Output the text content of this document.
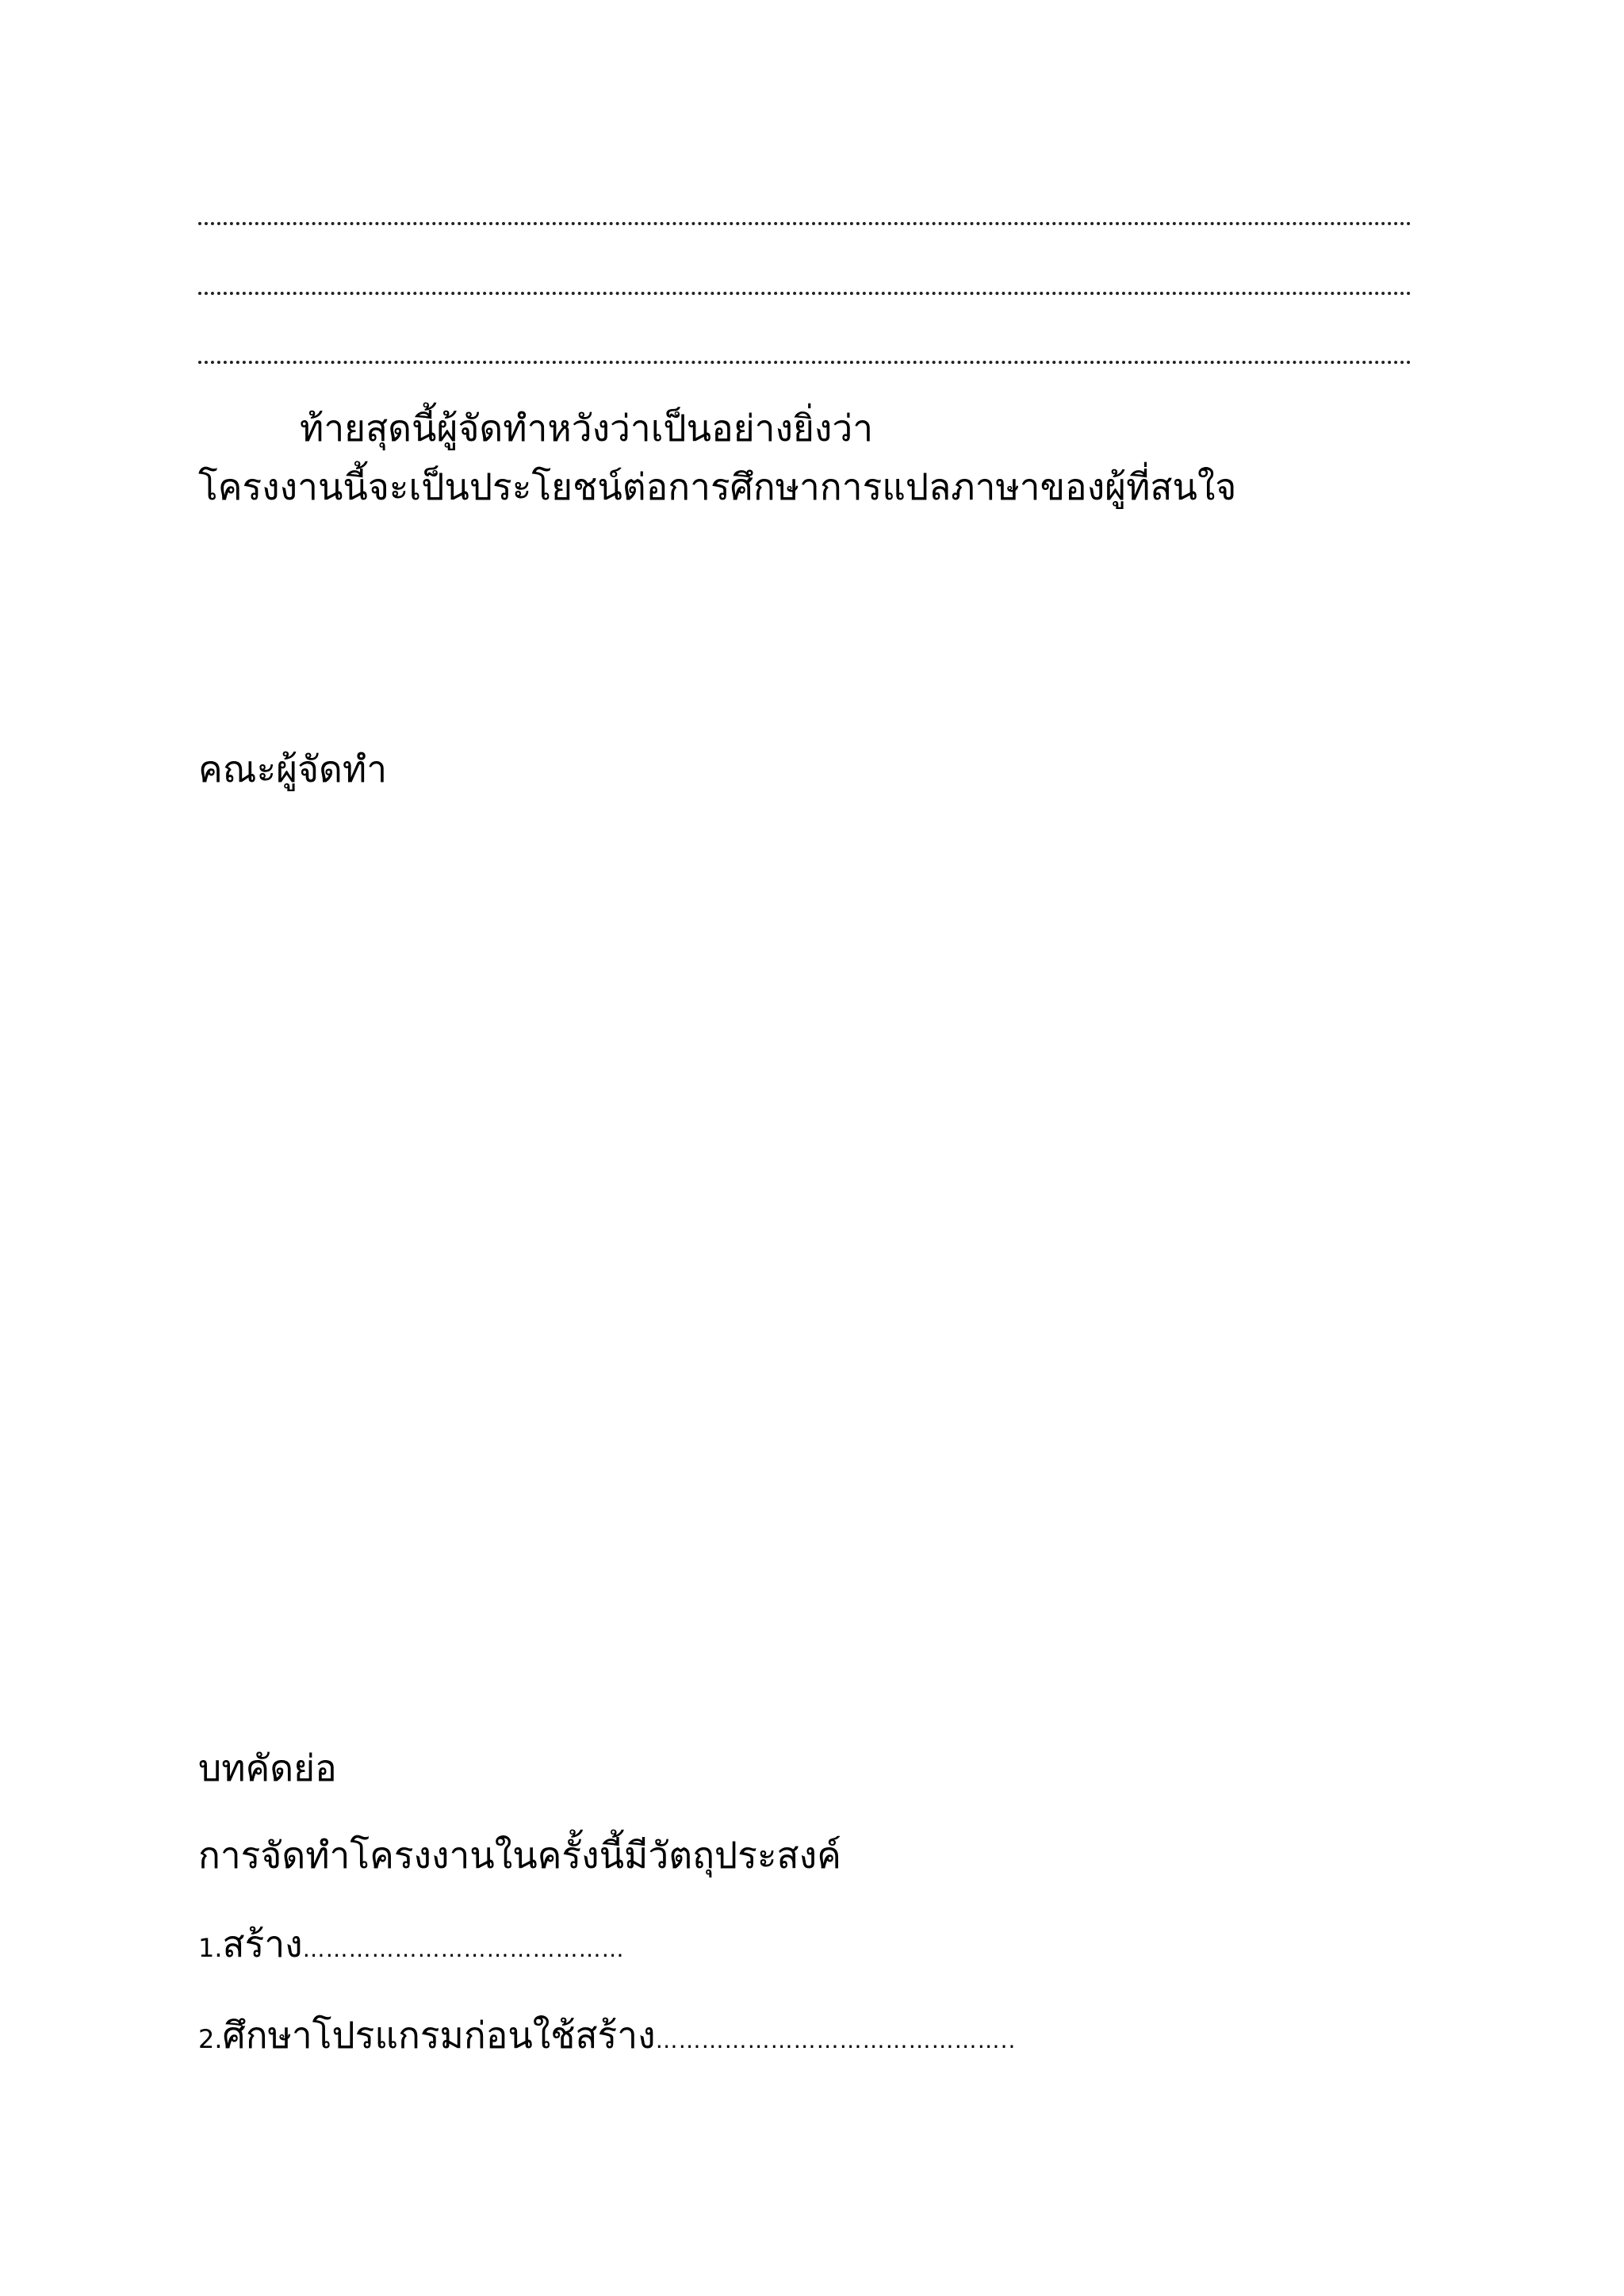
ท้ายสุดนี้ผู้จัดทำหวังว่าเป็นอย่างยิ่งว่า
โครงงานนี้จะเป็นประโยชน์ต่อการศึกษาการแปลภาษาของผู้ที่สนใจ
คณะผู้จัดทำ
บทคัดย่อ
การจัดทำโครงงานในครั้งนี้มีวัตถุประสงค์
1.สร้าง……………………………………
2.ศึกษาโปรแกรมก่อนใช้สร้าง………………………………………..
